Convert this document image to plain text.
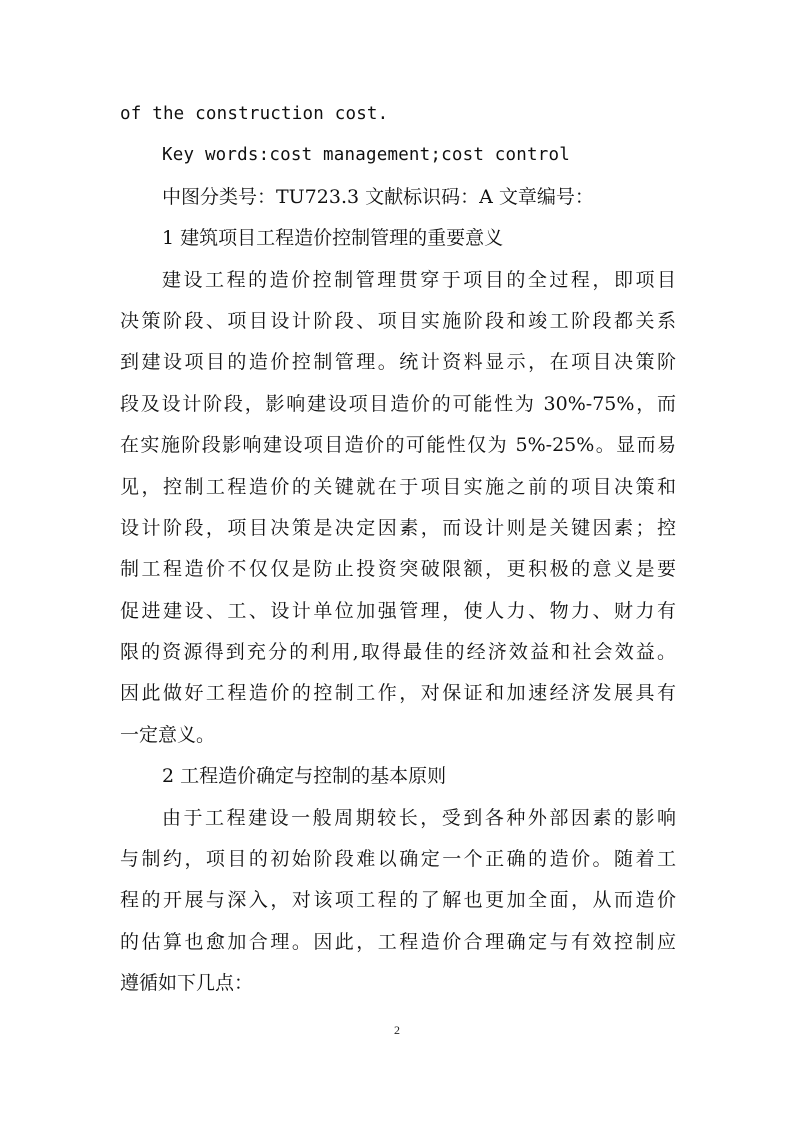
of the construction cost.
Key words:cost management;cost control
中图分类号：TU723.3 文献标识码：A 文章编号：
1 建筑项目工程造价控制管理的重要意义
建设工程的造价控制管理贯穿于项目的全过程，即项目
决策阶段、项目设计阶段、项目实施阶段和竣工阶段都关系
到建设项目的造价控制管理。统计资料显示，在项目决策阶
段及设计阶段，影响建设项目造价的可能性为 30%-75%，而
在实施阶段影响建设项目造价的可能性仅为 5%-25%。显而易
见，控制工程造价的关键就在于项目实施之前的项目决策和
设计阶段，项目决策是决定因素，而设计则是关键因素；控
制工程造价不仅仅是防止投资突破限额，更积极的意义是要
促进建设、工、设计单位加强管理，使人力、物力、财力有
限的资源得到充分的利用,取得最佳的经济效益和社会效益。
因此做好工程造价的控制工作，对保证和加速经济发展具有
一定意义。
2 工程造价确定与控制的基本原则
由于工程建设一般周期较长，受到各种外部因素的影响
与制约，项目的初始阶段难以确定一个正确的造价。随着工
程的开展与深入，对该项工程的了解也更加全面，从而造价
的估算也愈加合理。因此，工程造价合理确定与有效控制应
遵循如下几点：
2
